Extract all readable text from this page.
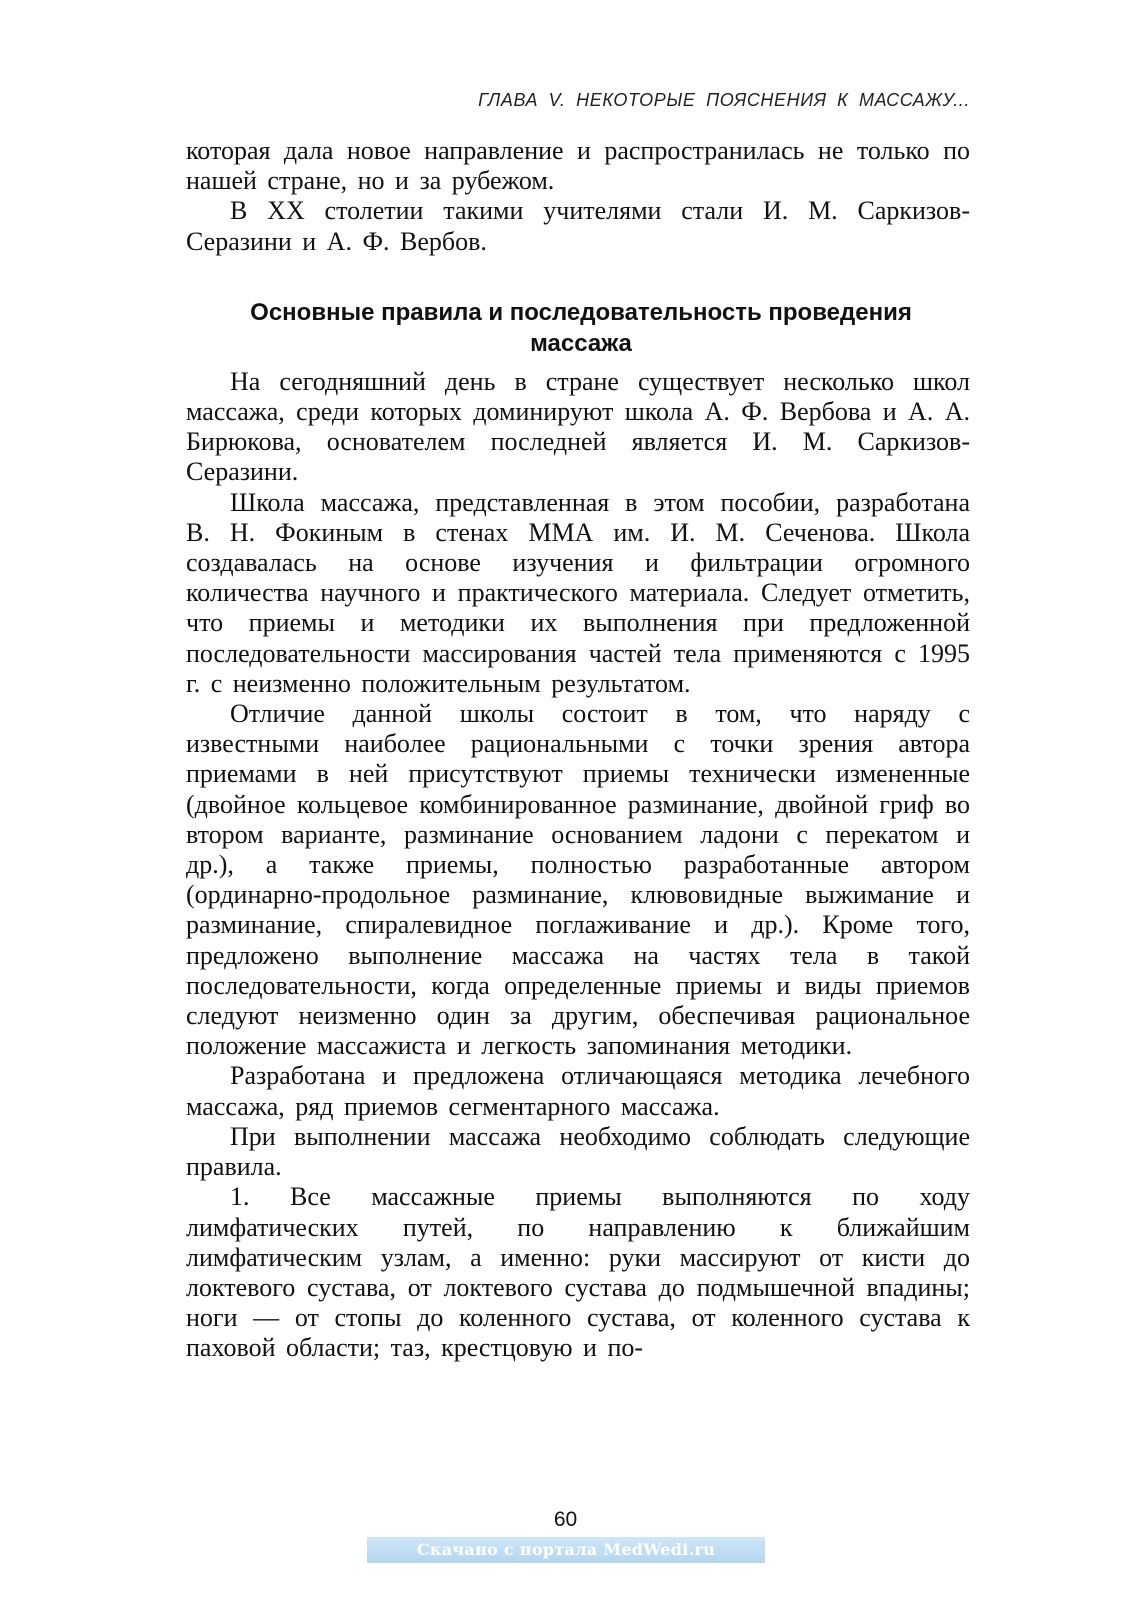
ГЛАВА V. НЕКОТОРЫЕ ПОЯСНЕНИЯ К МАССАЖУ...

которая дала новое направление и распространилась не только по нашей стране, но и за рубежом.

В XX столетии такими учителями стали И. М. Саркизов-Серазини и А. Ф. Вербов.

Основные правила и последовательность проведения
массажа

На сегодняшний день в стране существует несколько школ массажа, среди которых доминируют школа А. Ф. Вербова и А. А. Бирюкова, основателем последней является И. М. Саркизов-Серазини.

Школа массажа, представленная в этом пособии, разработана В. Н. Фокиным в стенах ММА им. И. М. Сеченова. Школа создавалась на основе изучения и фильтрации огромного количества научного и практического материала. Следует отметить, что приемы и методики их выполнения при предложенной последовательности массирования частей тела применяются с 1995 г. с неизменно положительным результатом.

Отличие данной школы состоит в том, что наряду с известными наиболее рациональными с точки зрения автора приемами в ней присутствуют приемы технически измененные (двойное кольцевое комбинированное разминание, двойной гриф во втором варианте, разминание основанием ладони с перекатом и др.), а также приемы, полностью разработанные автором (ординарно-продольное разминание, клювовидные выжимание и разминание, спиралевидное поглаживание и др.). Кроме того, предложено выполнение массажа на частях тела в такой последовательности, когда определенные приемы и виды приемов следуют неизменно один за другим, обеспечивая рациональное положение массажиста и легкость запоминания методики.

Разработана и предложена отличающаяся методика лечебного массажа, ряд приемов сегментарного массажа.

При выполнении массажа необходимо соблюдать следующие правила.

1. Все массажные приемы выполняются по ходу лимфатических путей, по направлению к ближайшим лимфатическим узлам, а именно: руки массируют от кисти до локтевого сустава, от локтевого сустава до подмышечной впадины; ноги — от стопы до коленного сустава, от коленного сустава к паховой области; таз, крестцовую и по-

60
Скачано с портала MedWedi.ru
